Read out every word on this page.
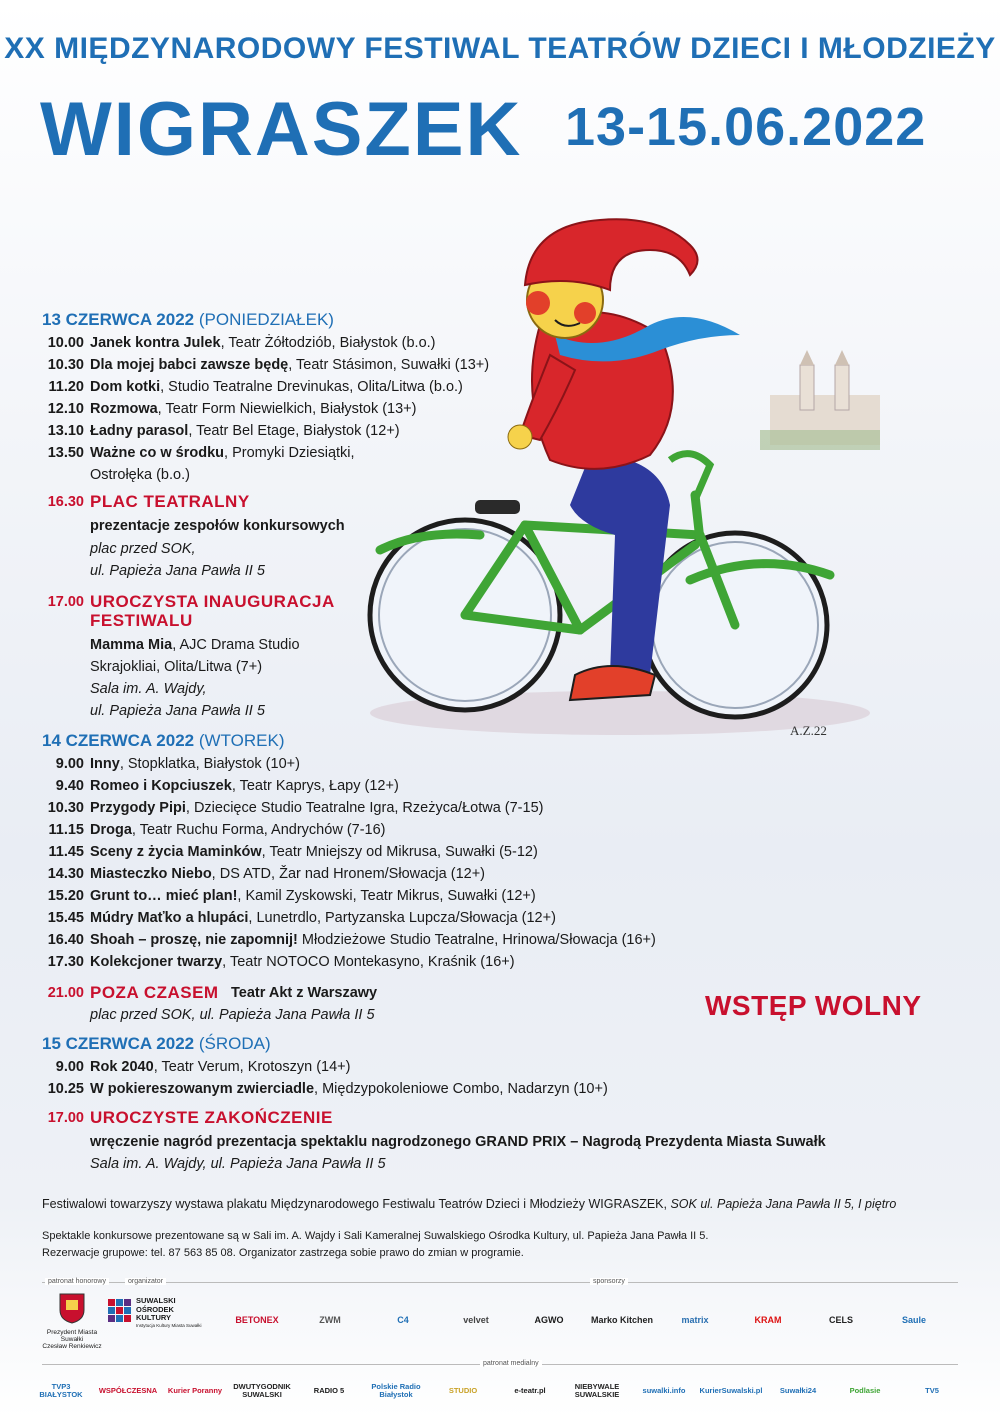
XX MIĘDZYNARODOWY FESTIWAL TEATRÓW DZIECI I MŁODZIEŻY
WIGRASZEK 13-15.06.2022
A.Z.22
13 CZERWCA 2022 (PONIEDZIAŁEK)
10.00 Janek kontra Julek, Teatr Żółtodziób, Białystok (b.o.)
10.30 Dla mojej babci zawsze będę, Teatr Stásimon, Suwałki (13+)
11.20 Dom kotki, Studio Teatralne Drevinukas, Olita/Litwa (b.o.)
12.10 Rozmowa, Teatr Form Niewielkich, Białystok (13+)
13.10 Ładny parasol, Teatr Bel Etage, Białystok (12+)
13.50 Ważne co w środku, Promyki Dziesiątki,
Ostrołęka (b.o.)
16.30 PLAC TEATRALNY
prezentacje zespołów konkursowych
plac przed SOK,
ul. Papieża Jana Pawła II 5
17.00 UROCZYSTA INAUGURACJA
FESTIWALU
Mamma Mia, AJC Drama Studio
Skrajokliai, Olita/Litwa (7+)
Sala im. A. Wajdy,
ul. Papieża Jana Pawła II 5
14 CZERWCA 2022 (WTOREK)
9.00 Inny, Stopklatka, Białystok (10+)
9.40 Romeo i Kopciuszek, Teatr Kaprys, Łapy (12+)
10.30 Przygody Pipi, Dziecięce Studio Teatralne Igra, Rzeżyca/Łotwa (7-15)
11.15 Droga, Teatr Ruchu Forma, Andrychów (7-16)
11.45 Sceny z życia Maminków, Teatr Mniejszy od Mikrusa, Suwałki (5-12)
14.30 Miasteczko Niebo, DS ATD, Žar nad Hronem/Słowacja (12+)
15.20 Grunt to… mieć plan!, Kamil Zyskowski, Teatr Mikrus, Suwałki (12+)
15.45 Múdry Maťko a hlupáci, Lunetrdlo, Partyzanska Lupcza/Słowacja (12+)
16.40 Shoah – proszę, nie zapomnij! Młodzieżowe Studio Teatralne, Hrinowa/Słowacja (16+)
17.30 Kolekcjoner twarzy, Teatr NOTOCO Montekasyno, Kraśnik (16+)
21.00 POZA CZASEM Teatr Akt z Warszawy
plac przed SOK, ul. Papieża Jana Pawła II 5	WSTĘP WOLNY
15 CZERWCA 2022 (ŚRODA)
9.00 Rok 2040, Teatr Verum, Krotoszyn (14+)
10.25 W pokiereszowanym zwierciadle, Międzypokoleniowe Combo, Nadarzyn (10+)
17.00 UROCZYSTE ZAKOŃCZENIE
wręczenie nagród prezentacja spektaklu nagrodzonego GRAND PRIX – Nagrodą Prezydenta Miasta Suwałk
Sala im. A. Wajdy, ul. Papieża Jana Pawła II 5
Festiwalowi towarzyszy wystawa plakatu Międzynarodowego Festiwalu Teatrów Dzieci i Młodzieży WIGRASZEK, SOK ul. Papieża Jana Pawła II 5, I piętro
Spektakle konkursowe prezentowane są w Sali im. A. Wajdy i Sali Kameralnej Suwalskiego Ośrodka Kultury, ul. Papieża Jana Pawła II 5.
Rezerwacje grupowe: tel. 87 563 85 08. Organizator zastrzega sobie prawo do zmian w programie.
patronat honorowy	organizator	sponsorzy
Prezydent Miasta Suwałki
Czesław Renkiewicz
SUWALSKI
OŚRODEK
KULTURY
Instytucja Kultury Miasta Suwałki
BETONEX	ZWM	C4	velvet	AGWO	Marko Kitchen	matrix	KRAM	CELS	Saule
patronat medialny
TVP3 BIAŁYSTOK	WSPÓŁCZESNA	Kurier Poranny	DWUTYGODNIK SUWALSKI	RADIO 5	Polskie Radio Białystok	STUDIO	e-teatr.pl	NIEBYWALE SUWALSKIE	suwalki.info	KurierSuwalski.pl	Suwałki24	Podlasie	TV5
